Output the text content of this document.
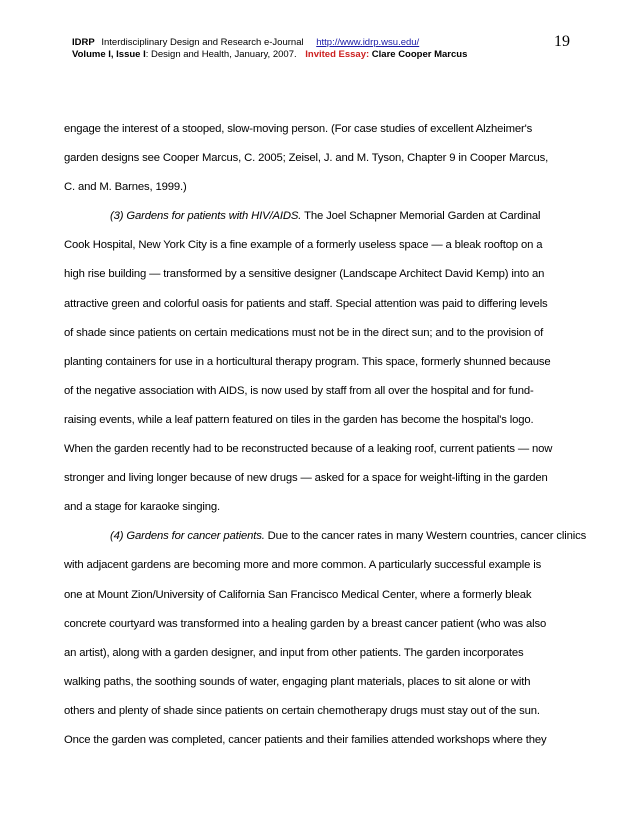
IDRP Interdisciplinary Design and Research e-Journal http://www.idrp.wsu.edu/
Volume I, Issue I: Design and Health, January, 2007. Invited Essay: Clare Cooper Marcus
19

engage the interest of a stooped, slow-moving person. (For case studies of excellent Alzheimer's
garden designs see Cooper Marcus, C. 2005; Zeisel, J. and M. Tyson, Chapter 9 in Cooper Marcus,
C. and M. Barnes, 1999.)

(3) Gardens for patients with HIV/AIDS. The Joel Schapner Memorial Garden at Cardinal
Cook Hospital, New York City is a fine example of a formerly useless space — a bleak rooftop on a
high rise building — transformed by a sensitive designer (Landscape Architect David Kemp) into an
attractive green and colorful oasis for patients and staff. Special attention was paid to differing levels
of shade since patients on certain medications must not be in the direct sun; and to the provision of
planting containers for use in a horticultural therapy program. This space, formerly shunned because
of the negative association with AIDS, is now used by staff from all over the hospital and for fund-
raising events, while a leaf pattern featured on tiles in the garden has become the hospital's logo.
When the garden recently had to be reconstructed because of a leaking roof, current patients — now
stronger and living longer because of new drugs — asked for a space for weight-lifting in the garden
and a stage for karaoke singing.

(4) Gardens for cancer patients. Due to the cancer rates in many Western countries, cancer clinics
with adjacent gardens are becoming more and more common. A particularly successful example is
one at Mount Zion/University of California San Francisco Medical Center, where a formerly bleak
concrete courtyard was transformed into a healing garden by a breast cancer patient (who was also
an artist), along with a garden designer, and input from other patients. The garden incorporates
walking paths, the soothing sounds of water, engaging plant materials, places to sit alone or with
others and plenty of shade since patients on certain chemotherapy drugs must stay out of the sun.
Once the garden was completed, cancer patients and their families attended workshops where they
